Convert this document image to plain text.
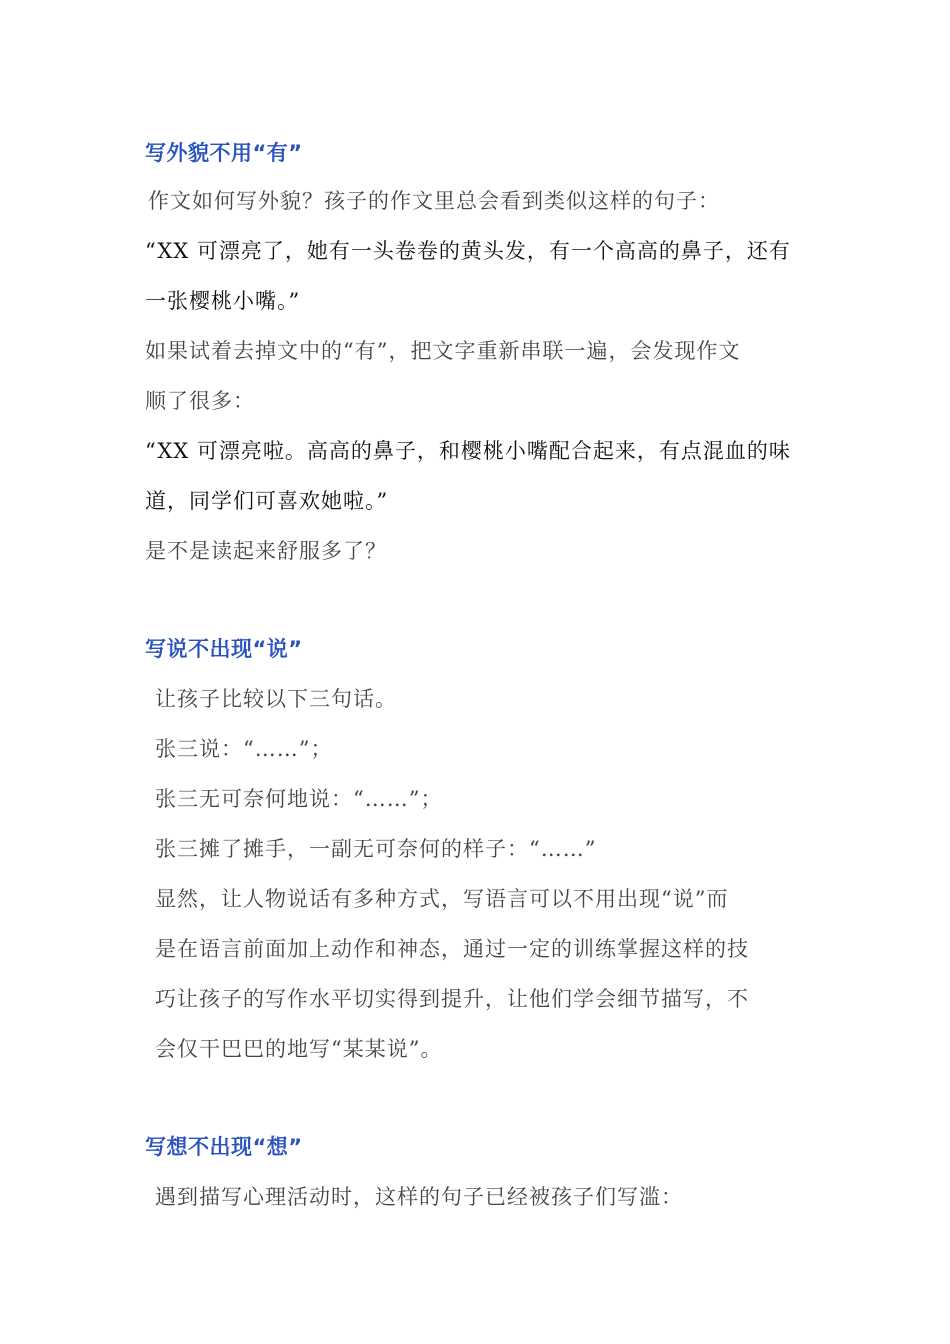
写外貌不用“有”
作文如何写外貌？孩子的作文里总会看到类似这样的句子：
“XX 可漂亮了，她有一头卷卷的黄头发，有一个高高的鼻子，还有
一张樱桃小嘴。”
如果试着去掉文中的“有”，把文字重新串联一遍，会发现作文
顺了很多：
“XX 可漂亮啦。高高的鼻子，和樱桃小嘴配合起来，有点混血的味
道，同学们可喜欢她啦。”
是不是读起来舒服多了？
写说不出现“说”
让孩子比较以下三句话。
张三说：“……”；
张三无可奈何地说：“……”；
张三摊了摊手，一副无可奈何的样子：“……”
显然，让人物说话有多种方式，写语言可以不用出现“说”而
是在语言前面加上动作和神态，通过一定的训练掌握这样的技
巧让孩子的写作水平切实得到提升，让他们学会细节描写，不
会仅干巴巴的地写“某某说”。
写想不出现“想”
遇到描写心理活动时，这样的句子已经被孩子们写滥：
